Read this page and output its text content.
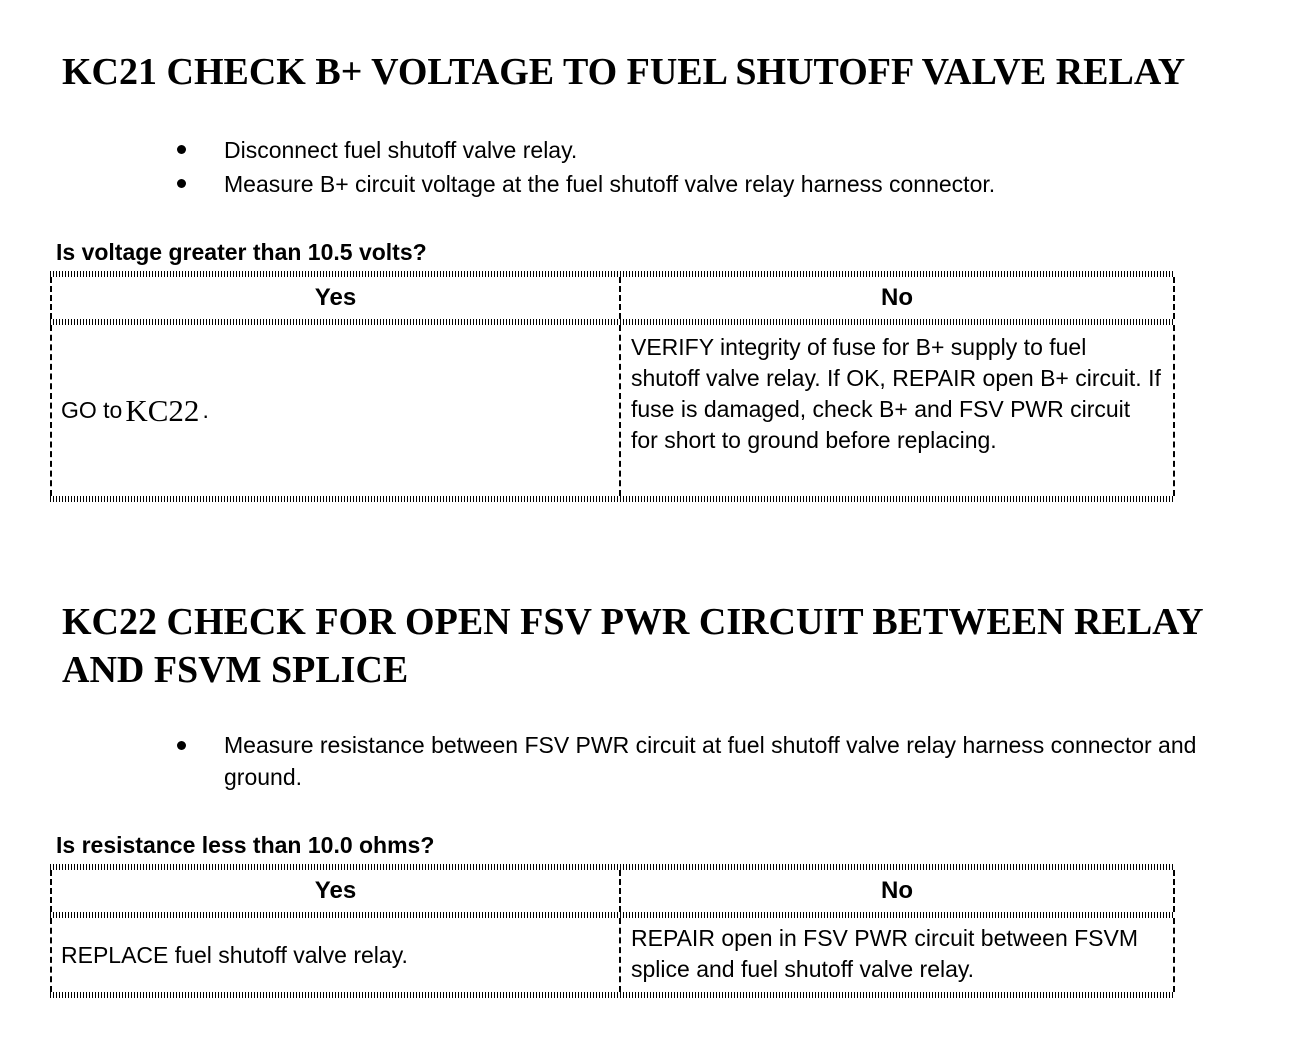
KC21 CHECK B+ VOLTAGE TO FUEL SHUTOFF VALVE RELAY
Disconnect fuel shutoff valve relay.
Measure B+ circuit voltage at the fuel shutoff valve relay harness connector.
Is voltage greater than 10.5 volts?
Yes	No
GO to KC22 .
VERIFY integrity of fuse for B+ supply to fuel shutoff valve relay. If OK, REPAIR open B+ circuit. If fuse is damaged, check B+ and FSV PWR circuit for short to ground before replacing.
KC22 CHECK FOR OPEN FSV PWR CIRCUIT BETWEEN RELAY
AND FSVM SPLICE
Measure resistance between FSV PWR circuit at fuel shutoff valve relay harness connector and ground.
Is resistance less than 10.0 ohms?
Yes	No
REPLACE fuel shutoff valve relay.
REPAIR open in FSV PWR circuit between FSVM splice and fuel shutoff valve relay.
